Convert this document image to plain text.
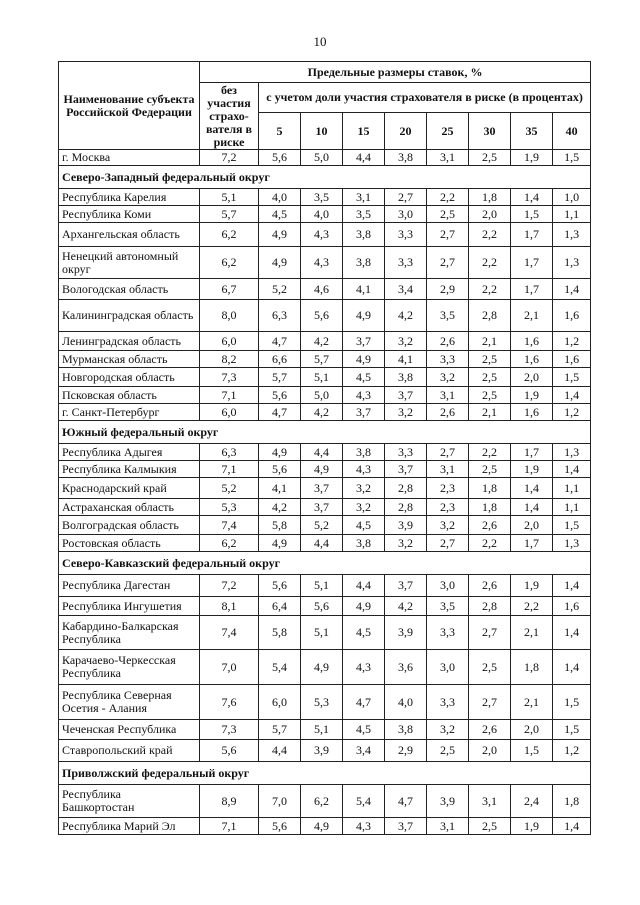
10
Наименование субъекта Российской Федерации	Предельные размеры ставок, %								
	без участия страхо-вателя в риске	с учетом доли участия страхователя в риске (в процентах)							
		5	10	15	20	25	30	35	40
г. Москва	7,2	5,6	5,0	4,4	3,8	3,1	2,5	1,9	1,5
Северо-Западный федеральный округ									
Республика Карелия	5,1	4,0	3,5	3,1	2,7	2,2	1,8	1,4	1,0
Республика Коми	5,7	4,5	4,0	3,5	3,0	2,5	2,0	1,5	1,1
Архангельская область	6,2	4,9	4,3	3,8	3,3	2,7	2,2	1,7	1,3
Ненецкий автономный округ	6,2	4,9	4,3	3,8	3,3	2,7	2,2	1,7	1,3
Вологодская область	6,7	5,2	4,6	4,1	3,4	2,9	2,2	1,7	1,4
Калининградская область	8,0	6,3	5,6	4,9	4,2	3,5	2,8	2,1	1,6
Ленинградская область	6,0	4,7	4,2	3,7	3,2	2,6	2,1	1,6	1,2
Мурманская область	8,2	6,6	5,7	4,9	4,1	3,3	2,5	1,6	1,6
Новгородская область	7,3	5,7	5,1	4,5	3,8	3,2	2,5	2,0	1,5
Псковская область	7,1	5,6	5,0	4,3	3,7	3,1	2,5	1,9	1,4
г. Санкт-Петербург	6,0	4,7	4,2	3,7	3,2	2,6	2,1	1,6	1,2
Южный федеральный округ									
Республика Адыгея	6,3	4,9	4,4	3,8	3,3	2,7	2,2	1,7	1,3
Республика Калмыкия	7,1	5,6	4,9	4,3	3,7	3,1	2,5	1,9	1,4
Краснодарский край	5,2	4,1	3,7	3,2	2,8	2,3	1,8	1,4	1,1
Астраханская область	5,3	4,2	3,7	3,2	2,8	2,3	1,8	1,4	1,1
Волгоградская область	7,4	5,8	5,2	4,5	3,9	3,2	2,6	2,0	1,5
Ростовская область	6,2	4,9	4,4	3,8	3,2	2,7	2,2	1,7	1,3
Северо-Кавказский федеральный округ									
Республика Дагестан	7,2	5,6	5,1	4,4	3,7	3,0	2,6	1,9	1,4
Республика Ингушетия	8,1	6,4	5,6	4,9	4,2	3,5	2,8	2,2	1,6
Кабардино-Балкарская Республика	7,4	5,8	5,1	4,5	3,9	3,3	2,7	2,1	1,4
Карачаево-Черкесская Республика	7,0	5,4	4,9	4,3	3,6	3,0	2,5	1,8	1,4
Республика Северная Осетия - Алания	7,6	6,0	5,3	4,7	4,0	3,3	2,7	2,1	1,5
Чеченская Республика	7,3	5,7	5,1	4,5	3,8	3,2	2,6	2,0	1,5
Ставропольский край	5,6	4,4	3,9	3,4	2,9	2,5	2,0	1,5	1,2
Приволжский федеральный округ									
Республика Башкортостан	8,9	7,0	6,2	5,4	4,7	3,9	3,1	2,4	1,8
Республика Марий Эл	7,1	5,6	4,9	4,3	3,7	3,1	2,5	1,9	1,4
